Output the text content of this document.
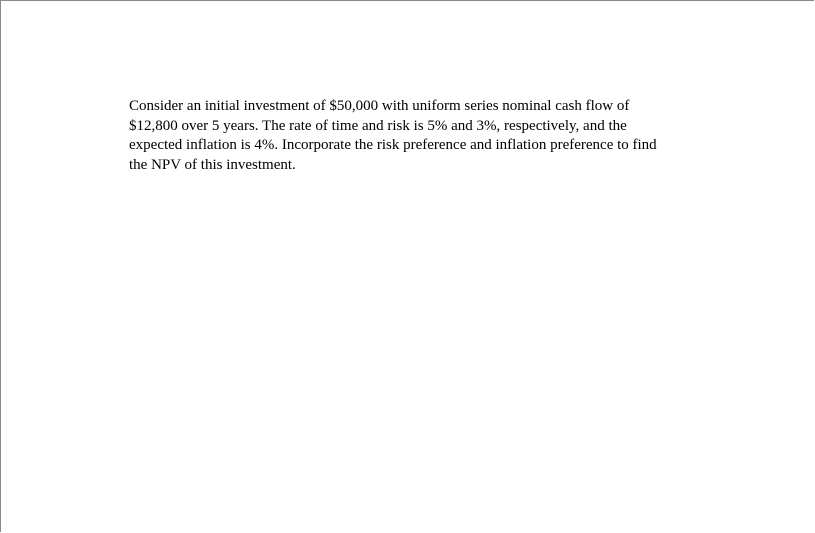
Consider an initial investment of $50,000 with uniform series nominal cash flow of
$12,800 over 5 years. The rate of time and risk is 5% and 3%, respectively, and the
expected inflation is 4%. Incorporate the risk preference and inflation preference to find
the NPV of this investment.
